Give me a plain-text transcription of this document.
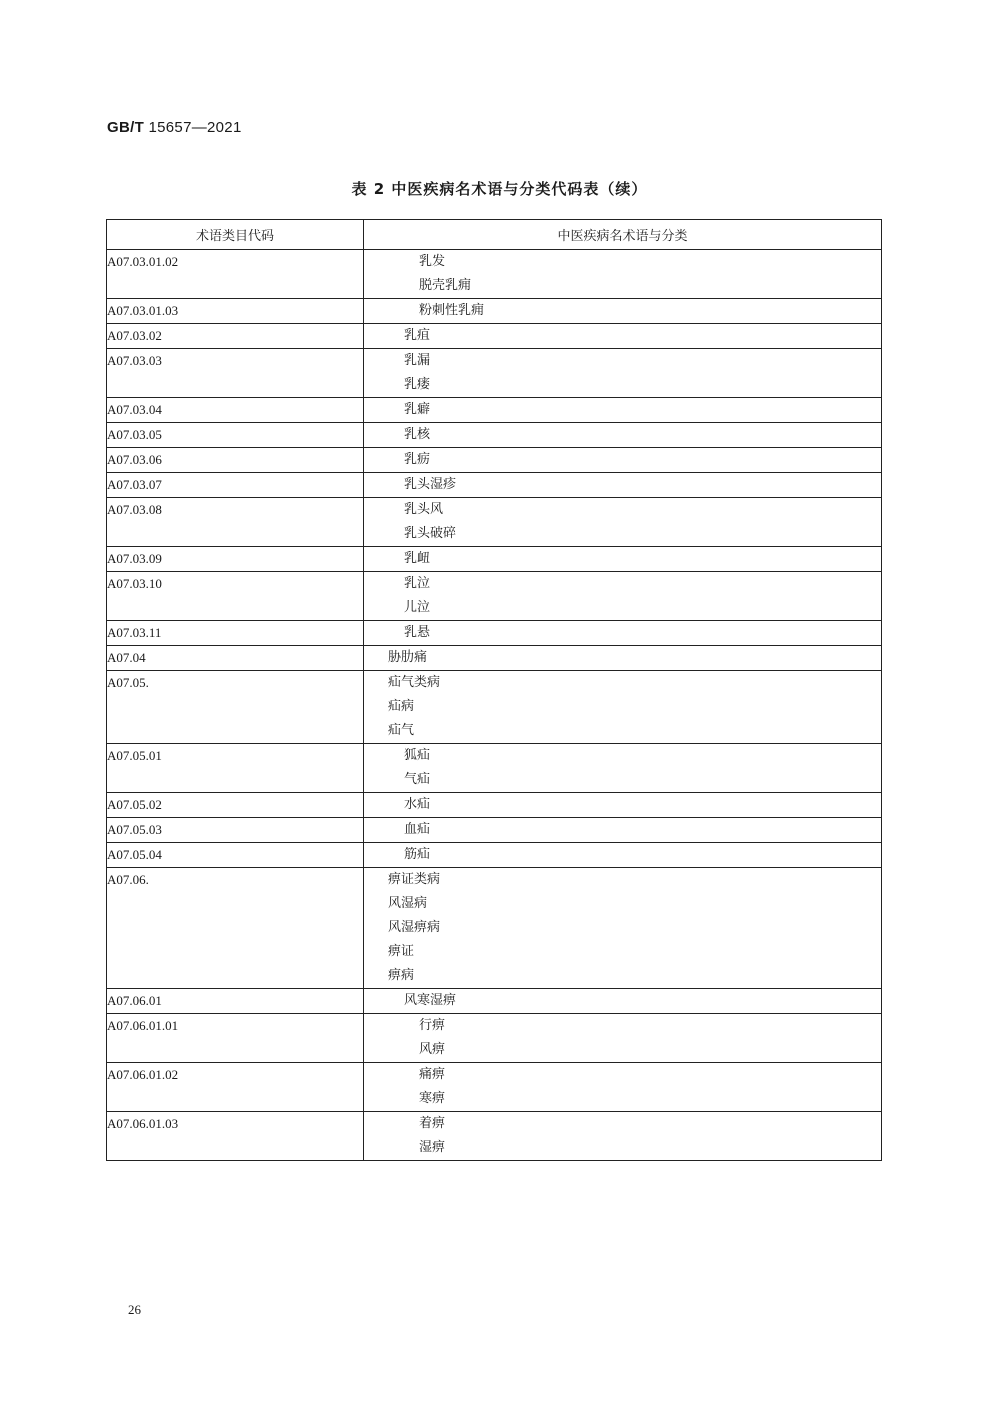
GB/T 15657—2021
表 2 中医疾病名术语与分类代码表（续）
术语类目代码	中医疾病名术语与分类
A07.03.01.02	乳发
脱壳乳痈

A07.03.01.03	粉刺性乳痈

A07.03.02	乳疽

A07.03.03	乳漏
乳瘘

A07.03.04	乳癖

A07.03.05	乳核

A07.03.06	乳疬

A07.03.07	乳头湿疹

A07.03.08	乳头风
乳头破碎

A07.03.09	乳衄

A07.03.10	乳泣
儿泣

A07.03.11	乳悬

A07.04	胁肋痛

A07.05.	疝气类病
疝病
疝气

A07.05.01	狐疝
气疝

A07.05.02	水疝

A07.05.03	血疝

A07.05.04	筋疝

A07.06.	痹证类病
风湿病
风湿痹病
痹证
痹病

A07.06.01	风寒湿痹

A07.06.01.01	行痹
风痹

A07.06.01.02	痛痹
寒痹

A07.06.01.03	着痹
湿痹
26
